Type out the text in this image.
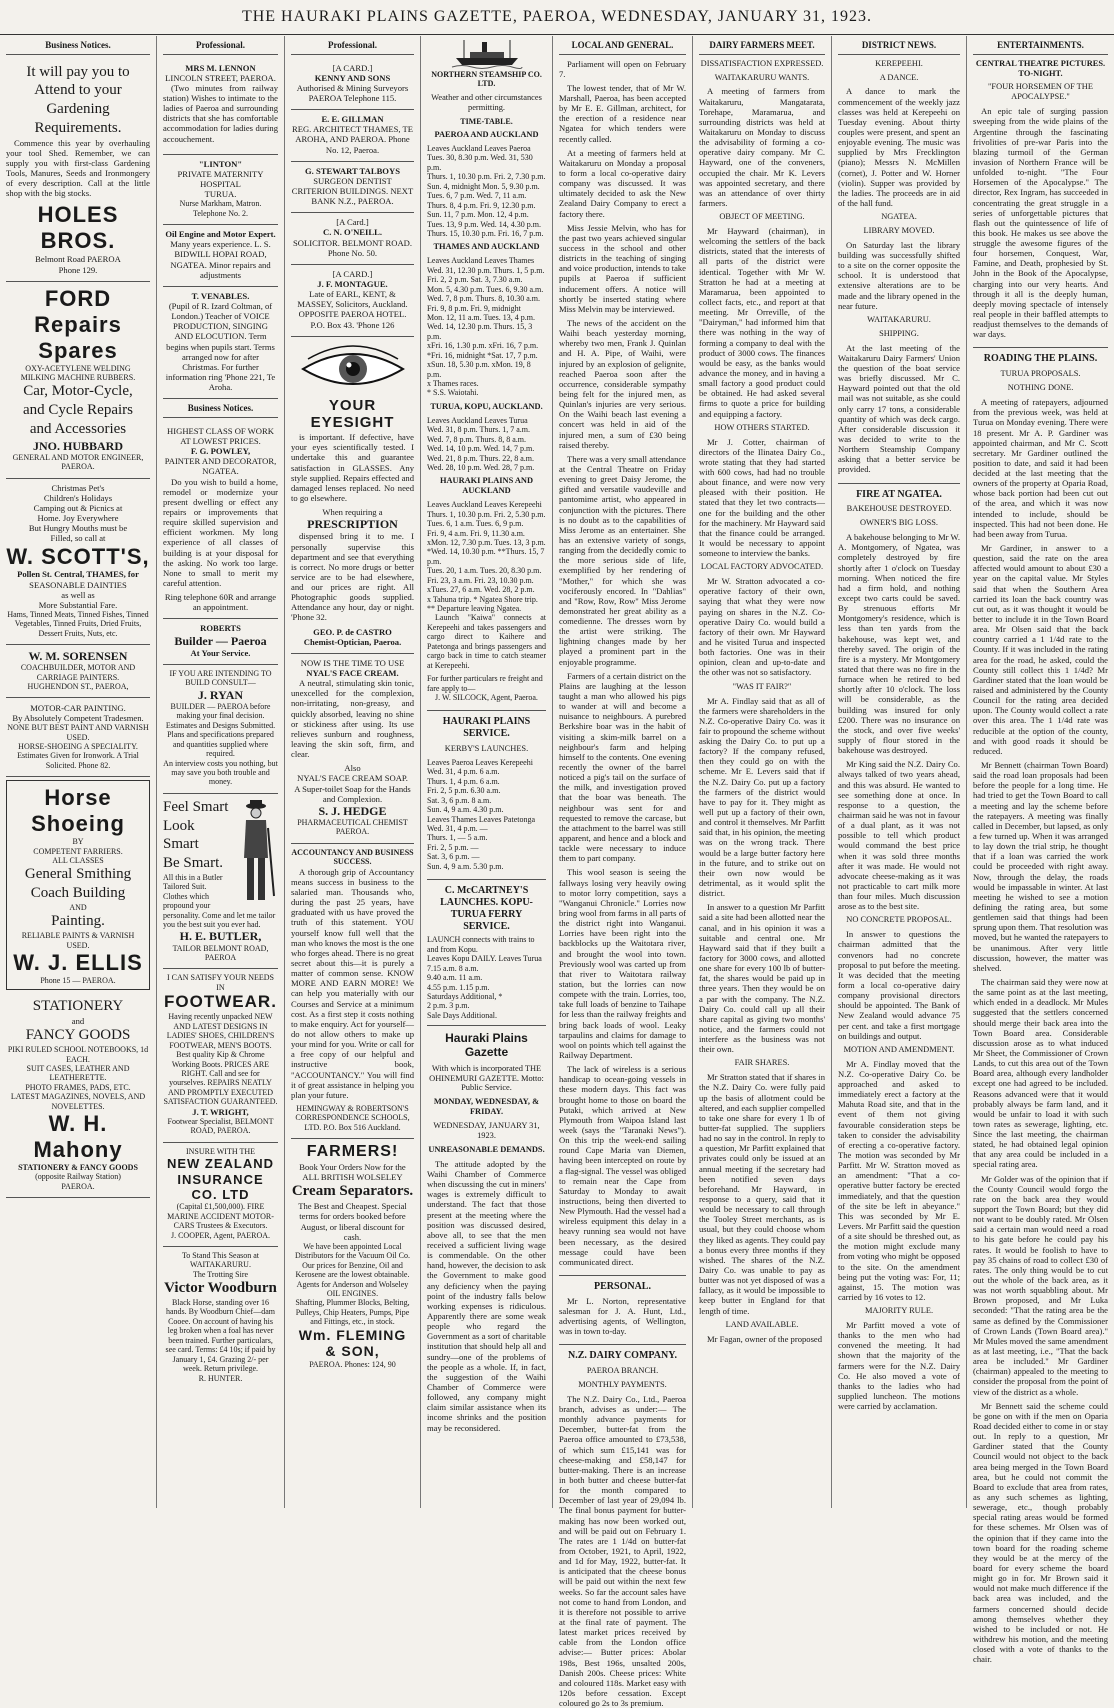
THE HAURAKI PLAINS GAZETTE, PAEROA, WEDNESDAY, JANUARY 31, 1923.
Business Notices.
It will pay you to
Attend to your
Gardening
Requirements.

Commence this year by overhauling your tool Shed. Remember, we can supply you with first-class Gardening Tools, Manures, Seeds and Ironmongery of every description. Call at the little shop with the big stocks.

HOLES BROS.
Belmont Road PAEROA
Phone 129.
FORD Repairs
Spares
OXY-ACETYLENE WELDING
MILKING MACHINE RUBBERS.
Car, Motor-Cycle,
and Cycle Repairs
and Accessories
JNO. HUBBARD
GENERAL AND MOTOR ENGINEER, PAEROA.
Christmas Pet's
Children's Holidays
Camping out & Picnics at
Home. Joy Everywhere
But Hungry Mouths must be
Filled, so call at
W. SCOTT'S,
Pollen St. Central, THAMES, for
SEASONABLE DAINTIES
as well as
More Substantial Fare.
Hams, Tinned Meats, Tinned Fishes, Tinned Vegetables, Tinned Fruits, Dried Fruits, Dessert Fruits, Nuts, etc.
W. M. SORENSEN
COACHBUILDER, MOTOR AND
CARRIAGE PAINTERS.
HUGHENDON ST., PAEROA,
MOTOR-CAR PAINTING.
By Absolutely Competent Tradesmen.
NONE BUT BEST PAINT AND VARNISH USED.
HORSE-SHOEING A SPECIALITY.
Estimates Given for Ironwork. A Trial Solicited. Phone 82.
Horse Shoeing
BY
COMPETENT FARRIERS.
ALL CLASSES
General Smithing
Coach Building
AND
Painting.
RELIABLE PAINTS & VARNISH USED.
W. J. ELLIS
Phone 15 — PAEROA.
STATIONERY
and
FANCY GOODS
PIKI RULED SCHOOL NOTEBOOKS, 1d EACH.
SUIT CASES, LEATHER AND LEATHERETTE.
PHOTO FRAMES, PADS, ETC.
LATEST MAGAZINES, NOVELS, AND NOVELETTES.
W. H. Mahony
STATIONERY & FANCY GOODS
(opposite Railway Station)
PAEROA.
Professional.
MRS M. LENNON
LINCOLN STREET, PAEROA.

(Two minutes from railway station) Wishes to intimate to the ladies of Paeroa and surrounding districts that she has comfortable accommodation for ladies during accouchement.

"LINTON"
PRIVATE MATERNITY HOSPITAL
TURUA.
Nurse Markham, Matron. Telephone No. 2.
Oil Engine and Motor Expert.
Many years experience. L. S. BIDWILL HOPAI ROAD, NGATEA. Minor repairs and adjustments
T. VENABLES.
(Pupil of R. Izard Coltman, of London.) Teacher of VOICE PRODUCTION, SINGING AND ELOCUTION. Term begins when pupils start. Terms arranged now for after Christmas. For further information ring 'Phone 221, Te Aroha.
Business Notices.
HIGHEST CLASS OF WORK AT LOWEST PRICES.
F. G. POWLEY,
PAINTER AND DECORATOR, NGATEA.

Do you wish to build a home, remodel or modernize your present dwelling or effect any repairs or improvements that require skilled supervision and efficient workmen. My long experience of all classes of building is at your disposal for the asking. No work too large. None to small to merit my careful attention.

Ring telephone 60R and arrange an appointment.
ROBERTS
Builder — Paeroa
At Your Service.
IF YOU ARE INTENDING TO BUILD CONSULT—
J. RYAN
BUILDER — PAEROA before making your final decision.
Estimates and Designs Submitted. Plans and specifications prepared and quantities supplied where required.
An interview costs you nothing, but may save you both trouble and money.
Feel Smart
Look
Smart
Be Smart.
All this in a Butler Tailored Suit. Clothes which propound your personality. Come and let me tailor you the best suit you ever had.
H. E. BUTLER,
TAILOR BELMONT ROAD, PAEROA
I CAN SATISFY YOUR NEEDS IN
FOOTWEAR.
Having recently unpacked NEW AND LATEST DESIGNS IN LADIES' SHOES, CHILDREN'S FOOTWEAR, MEN'S BOOTS. Best quality Kip & Chrome Working Boots. PRICES ARE RIGHT. Call and see for yourselves. REPAIRS NEATLY AND PROMPTLY EXECUTED SATISFACTION GUARANTEED.
J. T. WRIGHT,
Footwear Specialist, BELMONT ROAD, PAEROA.
INSURE WITH THE
NEW ZEALAND INSURANCE CO. LTD
(Capital £1,500,000). FIRE MARINE ACCIDENT MOTOR-CARS Trustees & Executors.
J. COOPER, Agent, PAEROA.
To Stand This Season at WAITAKARURU.
The Trotting Sire
Victor Woodburn
Black Horse, standing over 16 hands. By Woodburn Chief—dam Cooee. On account of having his leg broken when a foal has never been trained. Further particulars, see card. Terms: £4 10s; if paid by January 1, £4. Grazing 2/- per week. Return privilege.
R. HUNTER.
Professional.
[A CARD.]
KENNY AND SONS
Authorised & Mining Surveyors PAEROA Telephone 115.
E. E. GILLMAN
REG. ARCHITECT THAMES, TE AROHA, AND PAEROA. Phone No. 12, Paeroa.
G. STEWART TALBOYS
SURGEON DENTIST
CRITERION BUILDINGS. NEXT BANK N.Z., PAEROA.
[A Card.]
C. N. O'NEILL.
SOLICITOR. BELMONT ROAD. Phone No. 50.
[A CARD.]
J. F. MONTAGUE.
Late of EARL, KENT, & MASSEY, Solicitors, Auckland. OPPOSITE PAEROA HOTEL. P.O. Box 43. 'Phone 126
YOUR EYESIGHT

is important. If defective, have your eyes scientifically tested. I undertake this and guarantee satisfaction in GLASSES. Any style supplied. Repairs effected and damaged lenses replaced. No need to go elsewhere.

When requiring a
PRESCRIPTION

dispensed bring it to me. I personally supervise this department and see that everything is correct. No more drugs or better service are to be had elsewhere, and our prices are right. All Photographic goods supplied. Attendance any hour, day or night. 'Phone 32.

GEO. P. de CASTRO
Chemist-Optician, Paeroa.
NOW IS THE TIME TO USE
NYAL'S FACE CREAM.

A neutral, stimulating skin tonic, unexcelled for the complexion, non-irritating, non-greasy, and quickly absorbed, leaving no shine or stickiness after using. Its use relieves sunburn and roughness, leaving the skin soft, firm, and clear.

Also
NYAL'S FACE CREAM SOAP.
A Super-toilet Soap for the Hands and Complexion.
S. J. HEDGE
PHARMACEUTICAL CHEMIST PAEROA.
ACCOUNTANCY AND BUSINESS SUCCESS.

A thorough grip of Accountancy means success in business to the salaried man. Thousands who, during the past 25 years, have graduated with us have proved the truth of this statement. YOU yourself know full well that the man who knows the most is the one who forges ahead. There is no great secret about this—it is purely a matter of common sense. KNOW MORE AND EARN MORE! We can help you materially with our Courses and Service at a minimum cost. As a first step it costs nothing to make enquiry. Act for yourself—do not allow others to make up your mind for you. Write or call for a free copy of our helpful and instructive book, "ACCOUNTANCY." You will find it of great assistance in helping you plan your future.

HEMINGWAY & ROBERTSON'S CORRESPONDENCE SCHOOLS, LTD. P.O. Box 516 Auckland.
FARMERS!
Book Your Orders Now for the ALL BRITISH WOLSELEY
Cream Separators.
The Best and Cheapest. Special terms for orders booked before August, or liberal discount for cash.
We have been appointed Local Distributors for the Vacuum Oil Co. Our prices for Benzine, Oil and Kerosene are the lowest obtainable.
Agents for Anderson and Wolseley OIL ENGINES.
Shafting, Plummer Blocks, Belting, Pulleys, Chip Heaters, Pumps, Pipe and Fittings, etc., in stock.
Wm. FLEMING & SON,
PAEROA. Phones: 124, 90
NORTHERN STEAMSHIP CO. LTD.
Weather and other circumstances permitting.
TIME-TABLE.
PAEROA AND AUCKLAND
Leaves Auckland Leaves Paeroa
Tues. 30, 8.30 p.m. Wed. 31, 530 p.m.
Thurs. 1, 10.30 p.m. Fri. 2, 7.30 p.m.
Sun. 4, midnight Mon. 5, 9.30 p.m.
Tues. 6, 7 p.m. Wed. 7, 11 a.m.
Thurs. 8, 4 p.m. Fri. 9, 12.30 p.m.
Sun. 11, 7 p.m. Mon. 12, 4 p.m.
Tues. 13, 9 p.m. Wed. 14, 4.30 p.m.
Thurs. 15, 10.30 p.m. Fri. 16, 7 p.m.
THAMES AND AUCKLAND
Leaves Auckland Leaves Thames
Wed. 31, 12.30 p.m. Thurs. 1, 5 p.m.
Fri. 2, 2 p.m. Sat. 3, 7.30 a.m.
Mon. 5, 4.30 p.m. Tues. 6, 9.30 a.m.
Wed. 7, 8 p.m. Thurs. 8, 10.30 a.m.
Fri. 9, 8 p.m. Fri. 9, midnight
Mon. 12, 11 a.m. Tues. 13, 4 p.m.
Wed. 14, 12.30 p.m. Thurs. 15, 3 p.m.
xFri. 16, 1.30 p.m. xFri. 16, 7 p.m.
*Fri. 16, midnight *Sat. 17, 7 p.m.
xSun. 18, 5.30 p.m. xMon. 19, 8 p.m.
x Thames races.
* S.S. Waiotahi.
TURUA, KOPU, AUCKLAND.
Leaves Auckland Leaves Turua
Wed. 31, 8 p.m. Thurs. 1, 7 a.m.
Wed. 7, 8 p.m. Thurs. 8, 8 a.m.
Wed. 14, 10 p.m. Wed. 14, 7 p.m.
Wed. 21, 8 p.m. Thurs. 22, 8 a.m.
Wed. 28, 10 p.m. Wed. 28, 7 p.m.
HAURAKI PLAINS AND AUCKLAND
Leaves Auckland Leaves Kerepeehi
Thurs. 1, 10.30 p.m. Fri. 2, 5.30 p.m.
Tues. 6, 1 a.m. Tues. 6, 9 p.m.
Fri. 9, 4 a.m. Fri. 9, 11.30 a.m.
xMon. 12, 7.30 p.m. Tues. 13, 3 p.m.
*Wed. 14, 10.30 p.m. **Thurs. 15, 7 p.m.
Tues. 20, 1 a.m. Tues. 20, 8.30 p.m.
Fri. 23, 3 a.m. Fri. 23, 10.30 p.m.
xTues. 27, 6 a.m. Wed. 28, 2 p.m.
x Tahuna trip. * Ngatea Shore trip. ** Departure leaving Ngatea.

Launch "Kaiwa" connects at Kerepeehi and takes passengers and cargo direct to Kaihere and Patetonga and brings passengers and cargo back in time to catch steamer at Kerepeehi.

For further particulars re freight and fare apply to—
J. W. SILCOCK, Agent, Paeroa.
HAURAKI PLAINS SERVICE.
KERBY'S LAUNCHES.
Leaves Paeroa Leaves Kerepeehi
Wed. 31, 4 p.m. 6 a.m.
Thurs. 1, 4 p.m. 6 a.m.
Fri. 2, 5 p.m. 6.30 a.m.
Sat. 3, 6 p.m. 8 a.m.
Sun. 4, 9 a.m. 4.30 p.m.
Leaves Thames Leaves Patetonga
Wed. 31, 4 p.m. —
Thurs. 1, — 5 a.m.
Fri. 2, 5 p.m. —
Sat. 3, 6 p.m. —
Sun. 4, 9 a.m. 5.30 p.m.
C. McCARTNEY'S LAUNCHES. KOPU-TURUA FERRY SERVICE.
LAUNCH connects with trains to and from Kopu.
Leaves Kopu DAILY. Leaves Turua
7.15 a.m. 8 a.m.
9.40 a.m. 11 a.m.
4.55 p.m. 1.15 p.m.
Saturdays Additional, *
2 p.m. 3 p.m.
Sale Days Additional.
Hauraki Plains Gazette
With which is incorporated THE OHINEMURI GAZETTE. Motto: Public Service.
MONDAY, WEDNESDAY, & FRIDAY.
WEDNESDAY, JANUARY 31, 1923.
UNREASONABLE DEMANDS.

The attitude adopted by the Waihi Chamber of Commerce when discussing the cut in miners' wages is extremely difficult to understand. The fact that those present at the meeting where the position was discussed desired, above all, to see that the men received a sufficient living wage is commendable. On the other hand, however, the decision to ask the Government to make good any deficiency when the paying point of the industry falls below working expenses is ridiculous. Apparently there are some weak people who regard the Government as a sort of charitable institution that should help all and sundry—one of the problems of the people as a whole. If, in fact, the suggestion of the Waihi Chamber of Commerce were followed, any company might claim similar assistance when its income shrinks and the position may be reconsidered.

LOCAL AND GENERAL.

Parliament will open on February 7.

The lowest tender, that of Mr W. Marshall, Paeroa, has been accepted by Mr E. E. Gillman, architect, for the erection of a residence near Ngatea for which tenders were recently called.

At a meeting of farmers held at Waitakaruru on Monday a proposal to form a local co-operative dairy company was discussed. It was ultimately decided to ask the New Zealand Dairy Company to erect a factory there.

Miss Jessie Melvin, who has for the past two years achieved singular success in the school and other districts in the teaching of singing and voice production, intends to take pupils at Paeroa if sufficient inducement offers. A notice will shortly be inserted stating where Miss Melvin may be interviewed.

The news of the accident on the Waihi beach yesterday morning, whereby two men, Frank J. Quinlan and H. A. Pipe, of Waihi, were injured by an explosion of gelignite, reached Paeroa soon after the occurrence, considerable sympathy being felt for the injured men, as Quinlan's injuries are very serious. On the Waihi beach last evening a concert was held in aid of the injured men, a sum of £30 being raised thereby.

There was a very small attendance at the Central Theatre on Friday evening to greet Daisy Jerome, the gifted and versatile vaudeville and pantomime artist, who appeared in conjunction with the pictures. There is no doubt as to the capabilities of Miss Jerome as an entertainer. She has an extensive variety of songs, ranging from the decidedly comic to the more serious side of life, exemplified by her rendering of "Mother," for which she was vociferously encored. In "Dahlias" and "Row, Row, Row" Miss Jerome demonstrated her great ability as a comedienne. The dresses worn by the artist were striking. The lightning changes made by her played a prominent part in the enjoyable programme.

Farmers of a certain district on the Plains are laughing at the lesson taught a man who allowed his pigs to wander at will and become a nuisance to neighbours. A purebred Berkshire boar was in the habit of visiting a skim-milk barrel on a neighbour's farm and helping himself to the contents. One evening recently the owner of the barrel noticed a pig's tail on the surface of the milk, and investigation proved that the boar was beneath. The neighbour was sent for and requested to remove the carcase, but the attachment to the barrel was still apparent, and hence and a block and tackle were necessary to induce them to part company.

This wool season is seeing the fallways losing very heavily owing to motor lorry competition, says a "Wanganui Chronicle." Lorries now bring wool from farms in all parts of the district right into Wanganui. Lorries have been right into the backblocks up the Waitotara river, and brought the wool into town. Previously wool was carted up from that river to Waitotara railway station, but the lorries can now compete with the train. Lorries, too, take full loads of benzine to Taihape for less than the railway freights and bring back loads of wool. Leaky tarpaulins and claims for damage to wool on points which tell against the Railway Department.

The lack of wireless is a serious handicap to ocean-going vessels in these modern days. This fact was brought home to those on board the Putaki, which arrived at New Plymouth from Waipoa Island last week (says the "Taranaki News"). On this trip the week-end sailing round Cape Maria van Diemen, having been intercepted on route by a flag-signal. The vessel was obliged to remain near the Cape from Saturday to Monday to await instructions, being then diverted to New Plymouth. Had the vessel had a wireless equipment this delay in a heavy running sea would not have been necessary, as the desired message could have been communicated direct.

PERSONAL.

Mr L. Norton, representative salesman for J. A. Hunt, Ltd., advertising agents, of Wellington, was in town to-day.

N.Z. DAIRY COMPANY.
PAEROA BRANCH.
MONTHLY PAYMENTS.

The N.Z. Dairy Co., Ltd., Paeroa branch, advises as under:— The monthly advance payments for December, butter-fat from the Paeroa office amounted to £73,538, of which sum £15,141 was for cheese-making and £58,147 for butter-making. There is an increase in both butter and cheese butter-fat for the month compared to December of last year of 29,094 lb. The final bonus payment for butter-making has now been worked out, and will be paid out on February 1. The rates are 1 1/4d on butter-fat from October, 1921, to April, 1922, and 1d for May, 1922, butter-fat. It is anticipated that the cheese bonus will be paid out within the next few weeks. So far the account sales have not come to hand from London, and it is therefore not possible to arrive at the final rate of payment. The latest market prices received by cable from the London office advise:— Butter prices: Abolar 198s, Best 196s, unsalted 200s, Danish 200s. Cheese prices: White and coloured 118s. Market easy with 120s before cessation. Except coloured go 2s to 3s premium.

DAIRY FARMERS MEET.
DISSATISFACTION EXPRESSED.
WAITAKARURU WANTS.

A meeting of farmers from Waitakaruru, Mangatarata, Torehape, Maramarua, and surrounding districts was held at Waitakaruru on Monday to discuss the advisability of forming a co-operative dairy company. Mr C. Hayward, one of the conveners, occupied the chair. Mr K. Levers was appointed secretary, and there was an attendance of over thirty farmers.

OBJECT OF MEETING.

Mr Hayward (chairman), in welcoming the settlers of the back districts, stated that the interests of all parts of the district were identical. Together with Mr W. Stratton he had at a meeting at Maramarua, been appointed to collect facts, etc., and report at that meeting. Mr Orreville, of the "Dairyman," had informed him that there was nothing in the way of forming a company to deal with the product of 3000 cows. The finances would be easy, as the banks would advance the money, and in having a small factory a good product could be obtained. He had asked several firms to quote a price for building and equipping a factory.

HOW OTHERS STARTED.

Mr J. Cotter, chairman of directors of the Ilinatea Dairy Co., wrote stating that they had started with 600 cows, had had no trouble about finance, and were now very pleased with their position. He stated that they let two contracts—one for the building and the other for the machinery. Mr Hayward said that the finance could be arranged. It would be necessary to appoint someone to interview the banks.

LOCAL FACTORY ADVOCATED.

Mr W. Stratton advocated a co-operative factory of their own, saying that what they were now paying on shares in the N.Z. Co-operative Dairy Co. would build a factory of their own. Mr Hayward and he visited Turua and inspected both factories. One was in their opinion, clean and up-to-date and the other was not so satisfactory.

"WAS IT FAIR?"

Mr A. Findlay said that as all of the farmers were shareholders in the N.Z. Co-operative Dairy Co. was it fair to propound the scheme without asking the Dairy Co. to put up a factory? If the company refused, then they could go on with the scheme. Mr E. Levers said that if the N.Z. Dairy Co. put up a factory the farmers of the district would have to pay for it. They might as well put up a factory of their own, and control it themselves. Mr Parfitt said that, in his opinion, the meeting was on the wrong track. There would be a large butter factory here in the future, and to strike out on their own now would be detrimental, as it would split the district.

In answer to a question Mr Parfitt said a site had been allotted near the canal, and in his opinion it was a suitable and central one. Mr Hayward said that if they built a factory for 3000 cows, and allotted one share for every 100 lb of butter-fat, the shares would be paid up in three years. Then they would be on a par with the company. The N.Z. Dairy Co. could call up all their share capital as giving two months' notice, and the farmers could not interfere as the business was not their own.

FAIR SHARES.

Mr Stratton stated that if shares in the N.Z. Dairy Co. were fully paid up the basis of allotment could be altered, and each supplier compelled to take one share for every 1 lb of butter-fat supplied. The suppliers had no say in the control. In reply to a question, Mr Parfitt explained that privates could only be issued at an annual meeting if the secretary had been notified seven days beforehand. Mr Hayward, in response to a query, said that it would be necessary to call through the Tooley Street merchants, as is usual, but they could choose whom they liked as agents. They could pay a bonus every three months if they wished. The shares of the N.Z. Dairy Co. was unable to pay as butter was not yet disposed of was a fallacy, as it would be impossible to keep butter in England for that length of time.

LAND AVAILABLE.

Mr Fagan, owner of the proposed

DISTRICT NEWS.
KEREPEEHI.
A DANCE.

A dance to mark the commencement of the weekly jazz classes was held at Kerepeehi on Tuesday evening. About thirty couples were present, and spent an enjoyable evening. The music was supplied by Mrs Frecklington (piano); Messrs N. McMillen (cornet), J. Potter and W. Horner (violin). Supper was provided by the ladies. The proceeds are in aid of the hall fund.

NGATEA.
LIBRARY MOVED.

On Saturday last the library building was successfully shifted to a site on the corner opposite the school. It is understood that extensive alterations are to be made and the library opened in the near future.

WAITAKARURU.
SHIPPING.

At the last meeting of the Waitakaruru Dairy Farmers' Union the question of the boat service was briefly discussed. Mr C. Hayward pointed out that the old mail was not suitable, as she could only carry 17 tons, a considerable quantity of which was deck cargo. After considerable discussion it was decided to write to the Northern Steamship Company asking that a better service be provided.

FIRE AT NGATEA.
BAKEHOUSE DESTROYED.
OWNER'S BIG LOSS.

A bakehouse belonging to Mr W. A. Montgomery, of Ngatea, was completely destroyed by fire shortly after 1 o'clock on Tuesday morning. When noticed the fire had a firm hold, and nothing except two carts could be saved. By strenuous efforts Mr Montgomery's residence, which is less than ten yards from the bakehouse, was kept wet, and thereby saved. The origin of the fire is a mystery. Mr Montgomery stated that there was no fire in the furnace when he retired to bed shortly after 10 o'clock. The loss will be considerable, as the building was insured for only £200. There was no insurance on the stock, and over five weeks' supply of flour stored in the bakehouse was destroyed.

Mr King said the N.Z. Dairy Co. always talked of two years ahead, and this was absurd. He wanted to see something done at once. In response to a question, the chairman said he was not in favour of a dual plant, as it was not possible to tell which product would command the best price when it was sold three months after it was made. He would not advocate cheese-making as it was not practicable to cart milk more than four miles. Much discussion arose as to the best site.

NO CONCRETE PROPOSAL.

In answer to questions the chairman admitted that the convenors had no concrete proposal to put before the meeting. It was decided that the meeting form a local co-operative dairy company provisional directors should be appointed. The Bank of New Zealand would advance 75 per cent. and take a first mortgage on buildings and output.

MOTION AND AMENDMENT.

Mr A. Findlay moved that the N.Z. Co-operative Dairy Co. be approached and asked to immediately erect a factory at the Mahuta Road site, and that in the event of them not giving favourable consideration steps be taken to consider the advisability of erecting a co-operative factory. The motion was seconded by Mr Parfitt. Mr W. Stratton moved as an amendment: "That a co-operative butter factory be erected immediately, and that the question of the site be left in abeyance." This was seconded by Mr E. Levers. Mr Parfitt said the question of a site should be threshed out, as the motion might exclude many from voting who might be opposed to the site. On the amendment being put the voting was: For, 11; against, 15. The motion was carried by 16 votes to 12.

MAJORITY RULE.

Mr Parfitt moved a vote of thanks to the men who had convened the meeting. It had shown that the majority of the farmers were for the N.Z. Dairy Co. He also moved a vote of thanks to the ladies who had supplied luncheon. The motions were carried by acclamation.

ENTERTAINMENTS.
CENTRAL THEATRE PICTURES. TO-NIGHT.
"FOUR HORSEMEN OF THE APOCALYPSE."

An epic tale of surging passion sweeping from the wide plains of the Argentine through the fascinating frivolities of pre-war Paris into the blazing turmoil of the German invasion of Northern France will be unfolded to-night. "The Four Horsemen of the Apocalypse." The director, Rex Ingram, has succeeded in concentrating the great struggle in a series of unforgettable pictures that flash out the quintessence of life of this book. He makes us see above the struggle the awesome figures of the four horsemen, Conquest, War, Famine, and Death, prophesied by St. John in the Book of the Apocalypse, charging into our very hearts. And through it all is the deeply human, deeply moving spectacle of intensely real people in their baffled attempts to readjust themselves to the demands of war days.

ROADING THE PLAINS.
TURUA PROPOSALS.
NOTHING DONE.

A meeting of ratepayers, adjourned from the previous week, was held at Turua on Monday evening. There were 18 present. Mr A. P. Gardiner was appointed chairman, and Mr C. Scott secretary. Mr Gardiner outlined the position to date, and said it had been decided at the last meeting that the owners of the property at Oparia Road, whose back portion had been cut out of the area, and which it was now intended to include, should be inspected. This had not been done. He had been away from Turua.

Mr Gardiner, in answer to a question, said the rate on the area affected would amount to about £30 a year on the capital value. Mr Styles said that when the Southern Area carried its loan the back country was cut out, as it was thought it would be better to include it in the Town Board area. Mr Olsen said that the back country carried a 1 1/4d rate to the County. If it was included in the rating area for the road, he asked, could the County still collect this 1 1/4d? Mr Gardiner stated that the loan would be raised and administered by the County Council for the rating area decided upon. The County would collect a rate over this area. The 1 1/4d rate was reducible at the option of the county, and with good roads it should be reduced.

Mr Bennett (chairman Town Board) said the road loan proposals had been before the people for a long time. He had tried to get the Town Board to call a meeting and lay the scheme before the ratepayers. A meeting was finally called in December, but lapsed, as only a few turned up. When it was arranged to lay down the trial strip, he thought that if a loan was carried the work could be proceeded with right away. Now, through the delay, the roads would be impassable in winter. At last meeting he wished to see a motion defining the rating area, but some gentlemen said that things had been sprung upon them. That resolution was moved, but he wanted the ratepayers to be unanimous. After very little discussion, however, the matter was shelved.

The chairman said they were now at the same point as at the last meeting, which ended in a deadlock. Mr Mules suggested that the settlers concerned should merge their back area into the Town Board area. Considerable discussion arose as to what induced Mr Sheet, the Commissioner of Crown Lands, to cut this area out of the Town Board area, although every landholder except one had agreed to be included. Reasons advanced were that it would probably always be farm land, and it would be unfair to load it with such town rates as sewerage, lighting, etc. Since the last meeting, the chairman stated, he had obtained legal opinion that any area could be included in a special rating area.

Mr Golder was of the opinion that if the County Council would forgo the rate on the back area they would support the Town Board; but they did not want to be doubly rated. Mr Olsen said a certain man would need a road to his gate before he could pay his rates. It would be foolish to have to pay 35 chains of road to collect £30 of rates. The only thing would be to cut out the whole of the back area, as it was not worth squabbling about. Mr Brown proposed, and Mr Luka seconded: "That the rating area be the same as defined by the Commissioner of Crown Lands (Town Board area)." Mr Mules moved the same amendment as at last meeting, i.e., "That the back area be included." Mr Gardiner (chairman) appealed to the meeting to consider the proposal from the point of view of the district as a whole.

Mr Bennett said the scheme could be gone on with if the men on Oparia Road decided either to come in or stay out. In reply to a question, Mr Gardiner stated that the County Council would not object to the back area being merged in the Town Board area, but he could not commit the Board to exclude that area from rates, as any such schemes as lighting, sewerage, etc., though probably special rating areas would be formed for these schemes. Mr Olsen was of the opinion that if they came into the town board for the roading scheme they would be at the mercy of the board for every scheme the board might go in for. Mr Brown said it would not make much difference if the back area was included, and the farmers concerned should decide among themselves whether they wished to be included or not. He withdrew his motion, and the meeting closed with a vote of thanks to the chair.
